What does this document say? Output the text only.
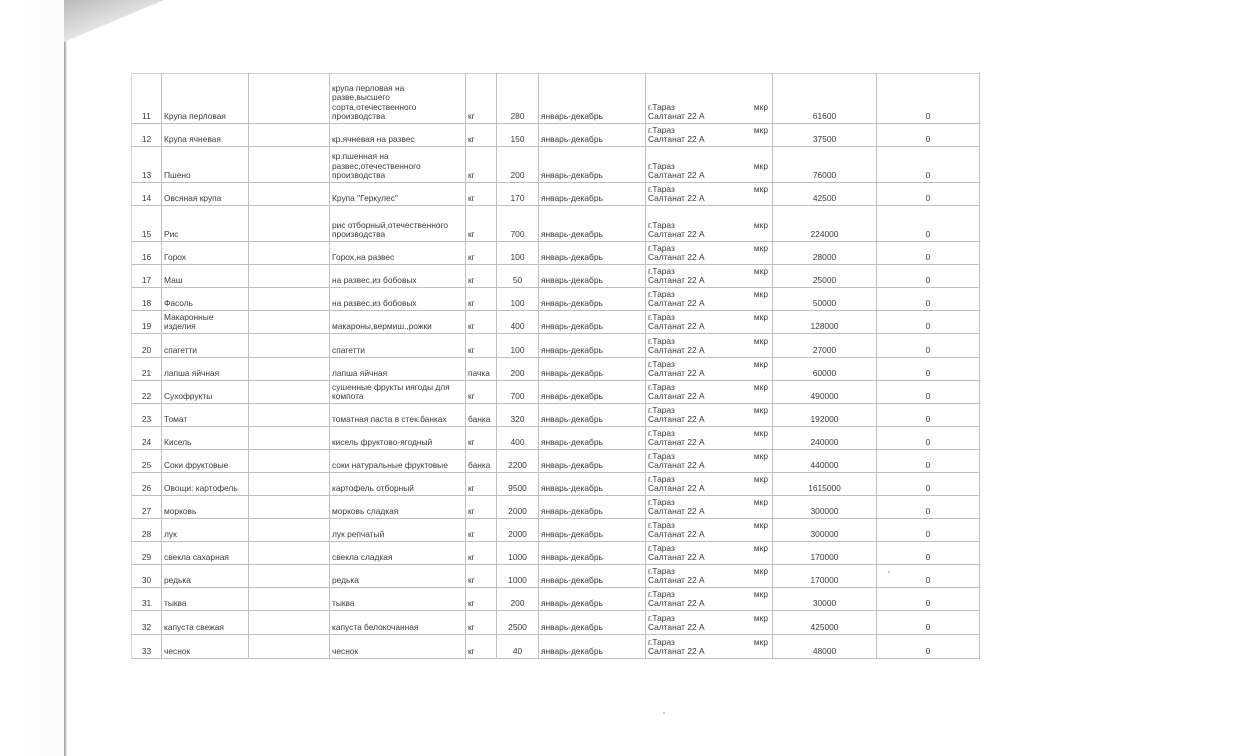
11	Крупа перловая		крупа перловая на разве,высшего сорта,отечественного производства	кг	280	январь-декабрь	г.Тараз мкр
Салтанат 22 А	61600	0
12	Крупа ячневая		кр.ячневая на развес	кг	150	январь-декабрь	г.Тараз мкр
Салтанат 22 А	37500	0
13	Пшено		кр.пшенная на развес,отечественного производства	кг	200	январь-декабрь	г.Тараз мкр
Салтанат 22 А	76000	0
14	Овсяная крупа		Крупа "Геркулес"	кг	170	январь-декабрь	г.Тараз мкр
Салтанат 22 А	42500	0
15	Рис		рис отборный,отечественного производства	кг	700	январь-декабрь	г.Тараз мкр
Салтанат 22 А	224000	0
16	Горох		Горох,на развес	кг	100	январь-декабрь	г.Тараз мкр
Салтанат 22 А	28000	0
17	Маш		на развес,из бобовых	кг	50	январь-декабрь	г.Тараз мкр
Салтанат 22 А	25000	0
18	Фасоль		на развес,из бобовых	кг	100	январь-декабрь	г.Тараз мкр
Салтанат 22 А	50000	0
19	Макаронные изделия		макароны,вермиш.,рожки	кг	400	январь-декабрь	г.Тараз мкр
Салтанат 22 А	128000	0
20	спагетти		спагетти	кг	100	январь-декабрь	г.Тараз мкр
Салтанат 22 А	27000	0
21	лапша яйчная		лапша яйчная	пачка	200	январь-декабрь	г.Тараз мкр
Салтанат 22 А	60000	0
22	Сухофрукты		сушенные фрукты иягоды для компота	кг	700	январь-декабрь	г.Тараз мкр
Салтанат 22 А	490000	0
23	Томат		томатная паста в стек.банках	банка	320	январь-декабрь	г.Тараз мкр
Салтанат 22 А	192000	0
24	Кисель		кисель фруктово-ягодный	кг	400	январь-декабрь	г.Тараз мкр
Салтанат 22 А	240000	0
25	Соки фруктовые		соки натуральные фруктовые	банка	2200	январь-декабрь	г.Тараз мкр
Салтанат 22 А	440000	0
26	Овощи: картофель		картофель отборный	кг	9500	январь-декабрь	г.Тараз мкр
Салтанат 22 А	1615000	0
27	морковь		морковь сладкая	кг	2000	январь-декабрь	г.Тараз мкр
Салтанат 22 А	300000	0
28	лук		лук репчатый	кг	2000	январь-декабрь	г.Тараз мкр
Салтанат 22 А	300000	0
29	свекла сахарная		свекла сладкая	кг	1000	январь-декабрь	г.Тараз мкр
Салтанат 22 А	170000	0
30	редька		редька	кг	1000	январь-декабрь	г.Тараз мкр
Салтанат 22 А	170000	0
31	тыква		тыква	кг	200	январь-декабрь	г.Тараз мкр
Салтанат 22 А	30000	0
32	капуста свежая		капуста белокочанная	кг	2500	январь-декабрь	г.Тараз мкр
Салтанат 22 А	425000	0
33	чеснок		чеснок	кг	40	январь-декабрь	г.Тараз мкр
Салтанат 22 А	48000	0
